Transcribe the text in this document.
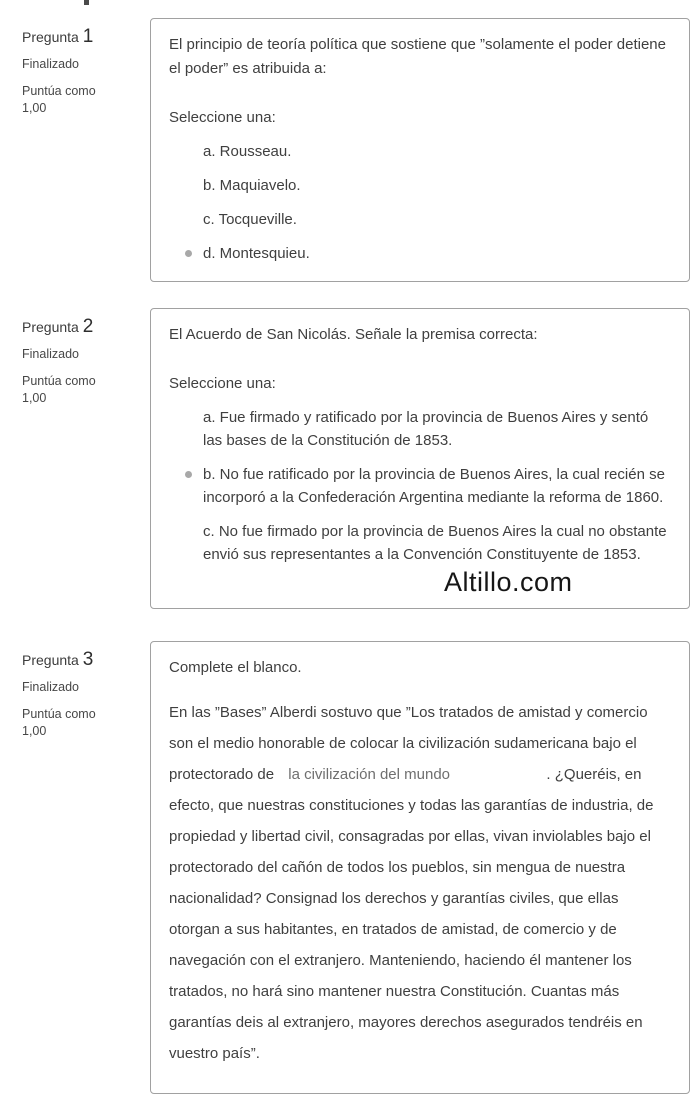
Pregunta 1
Finalizado
Puntúa como 1,00

El principio de teoría política que sostiene que ”solamente el poder detiene el poder” es atribuida a:

Seleccione una:

a. Rousseau.
b. Maquiavelo.
c. Tocqueville.
d. Montesquieu.
Pregunta 2
Finalizado
Puntúa como 1,00

El Acuerdo de San Nicolás. Señale la premisa correcta:

Seleccione una:

a. Fue firmado y ratificado por la provincia de Buenos Aires y sentó las bases de la Constitución de 1853.
b. No fue ratificado por la provincia de Buenos Aires, la cual recién se incorporó a la Confederación Argentina mediante la reforma de 1860.
c. No fue firmado por la provincia de Buenos Aires la cual no obstante envió sus representantes a la Convención Constituyente de 1853.
Altillo.com
Pregunta 3
Finalizado
Puntúa como 1,00

Complete el blanco.

En las ”Bases” Alberdi sostuvo que ”Los tratados de amistad y comercio son el medio honorable de colocar la civilización sudamericana bajo el protectorado de la civilización del mundo	. ¿Queréis, en efecto, que nuestras constituciones y todas las garantías de industria, de propiedad y libertad civil, consagradas por ellas, vivan inviolables bajo el protectorado del cañón de todos los pueblos, sin mengua de nuestra nacionalidad? Consignad los derechos y garantías civiles, que ellas otorgan a sus habitantes, en tratados de amistad, de comercio y de navegación con el extranjero. Manteniendo, haciendo él mantener los tratados, no hará sino mantener nuestra Constitución. Cuantas más garantías deis al extranjero, mayores derechos asegurados tendréis en vuestro país”.
